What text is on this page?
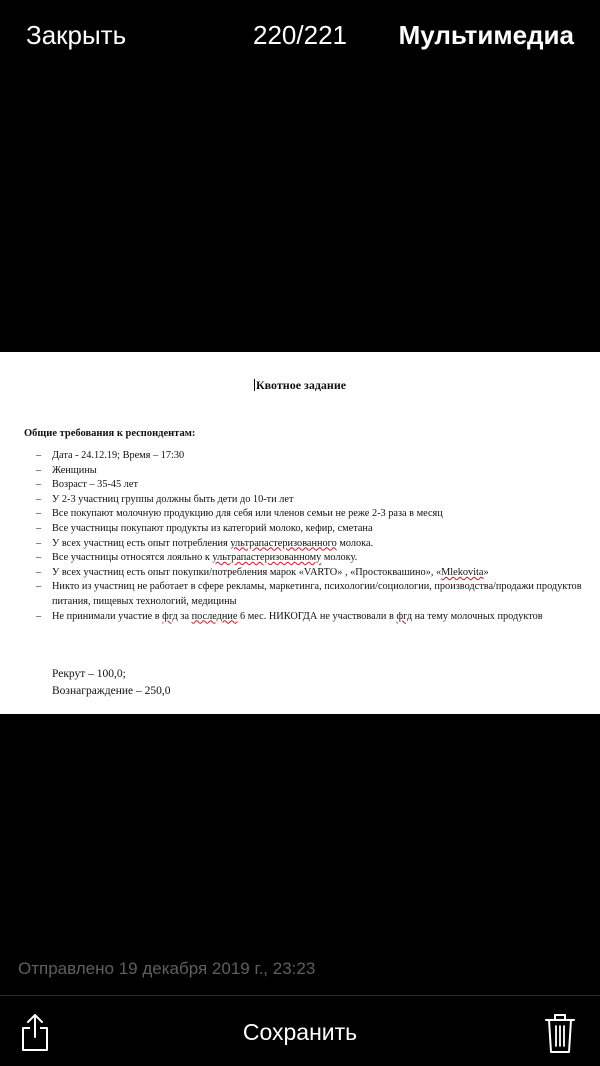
Закрыть	220/221	Мультимедиа
Квотное задание
Общие требования к респондентам:
– Дата - 24.12.19; Время – 17:30
– Женщины
– Возраст – 35-45 лет
– У 2-3 участниц группы должны быть дети до 10-ти лет
– Все покупают молочную продукцию для себя или членов семьи не реже 2-3 раза в месяц
– Все участницы покупают продукты из категорий молоко, кефир, сметана
– У всех участниц есть опыт потребления ультрапастеризованного молока.
– Все участницы относятся лояльно к ультрапастеризованному молоку.
– У всех участниц есть опыт покупки/потребления марок «VARTO» , «Простоквашино», «Mlekovita»
– Никто из участниц не работает в сфере рекламы, маркетинга, психологии/социологии, производства/продажи продуктов питания, пищевых технологий, медицины
– Не принимали участие в фгд за последние 6 мес. НИКОГДА не участвовали в фгд на тему молочных продуктов
Рекрут – 100,0;
Вознаграждение – 250,0
Отправлено 19 декабря 2019 г., 23:23
Сохранить
